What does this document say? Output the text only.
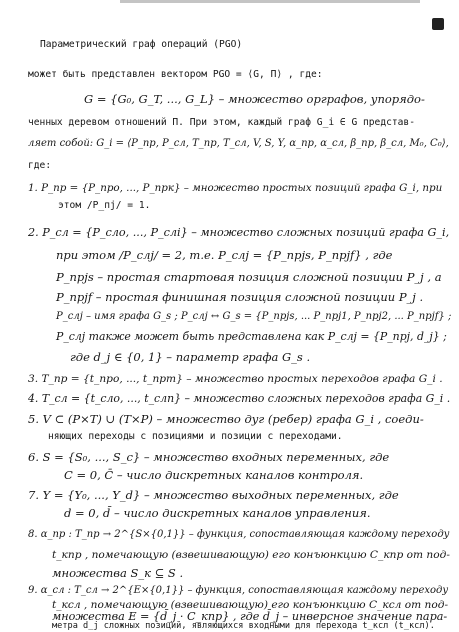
Параметрический граф операций (PGO)
может быть представлен вектором PGO = ⟨G, П⟩ , где:
G = {G₀, G_T, ..., G_L} – множество орграфов, упорядо-
ченных деревом отношений П. При этом, каждый граф G_i ∈ G представ-
ляет собой: G_i = ⟨P_np, P_cл, T_np, T_cл, V, S, Y, 𝛼_np, 𝛼_cл, β_np, β_cл, M₀, C₀⟩,
где:
1. P_пр = {P_про, ..., P_прк} – множество простых позиций графа G_i, при
этом /P_пj/ = 1.
2. P_cл = {P_cлo, ..., P_cлi} – множество сложных позиций графа G_i,
при этом /P_cлj/ = 2, т.е. P_cлj = {P_npjs, P_npjf} , где
P_npjs – простая стартовая позиция сложной позиции P_j , а
P_npjf – простая финишная позиция сложной позиции P_j .
P_cлj – имя графа G_s ; P_cлj ↔ G_s = {P_npjs, ... P_npj1, P_npj2, ... P_npjf} ;
P_cлj также может быть представлена как P_cлj = {P_npj, d_j} ;
где d_j ∈ {0, 1} – параметр графа G_s .
3. T_np = {t_npo, ..., t_npm} – множество простых переходов графа G_i .
4. T_cл = {t_cлo, ..., t_cлn} – множество сложных переходов графа G_i .
5. V ⊂ (P×T) ∪ (T×P) – множество дуг (ребер) графа G_i , соеди-
няющих переходы с позициями и позиции с переходами.
6. S = {S₀, ..., S_c} – множество входных переменных, где
C = 0, C̄ – число дискретных каналов контроля.
7. Y = {Y₀, ..., Y_d} – множество выходных переменных, где
d = 0, d̄ – число дискретных каналов управления.
8. 𝛼_np : T_np → 2^{S×{0,1}} – функция, сопоставляющая каждому переходу
t_кnp , помечающую (взвешивающую) его конъюнкцию C_кnp от под-
множества S_к ⊆ S .
9. 𝛼_cл : T_cл → 2^{E×{0,1}} – функция, сопоставляющая каждому переходу
t_кcл , помечающую (взвешивающую) его конъюнкцию C_кcл от под-
множества E = {d̄_j · C_кnp} , где d̄_j – инверсное значение пара-
метра d_j сложных позиций, являющихся входными для перехода t_кcл (t_кcл).
